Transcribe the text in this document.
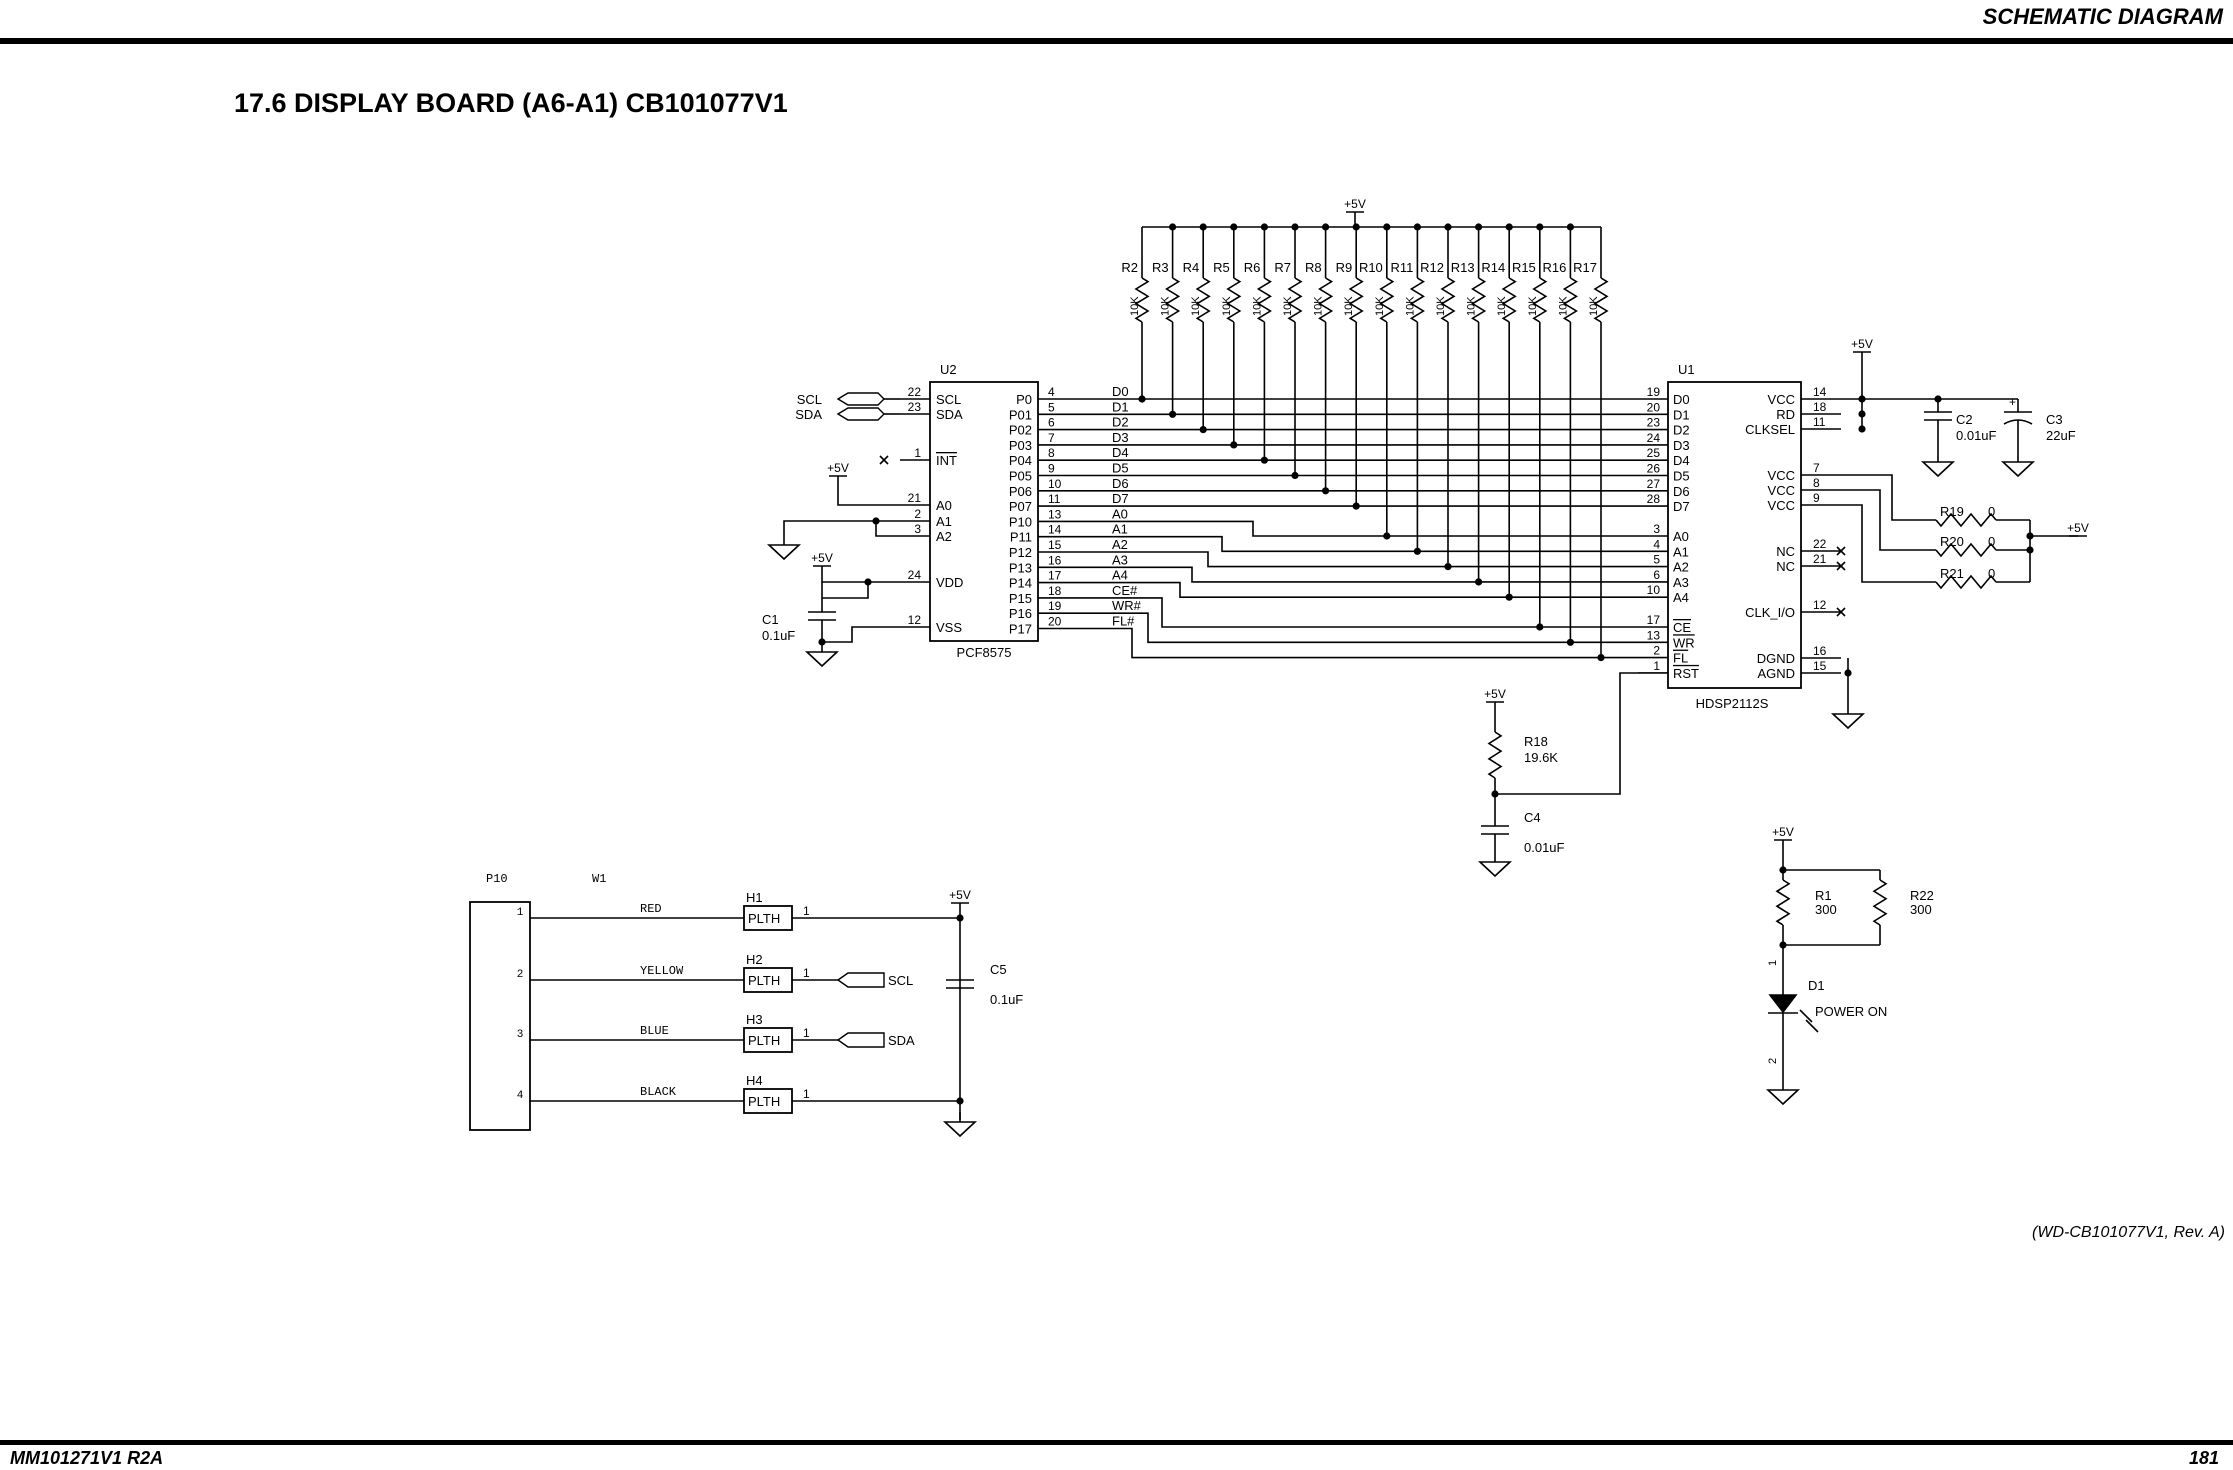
SCHEMATIC DIAGRAM
17.6 DISPLAY BOARD (A6-A1) CB101077V1
U2
PCF8575
22 SCL
23 SDA
1 INT
21 A0
2 A1
3 A2
24 VDD
12 VSS
P0 4	D0
P01 5	D1
P02 6	D2
P03 7	D3
P04 8	D4
P05 9	D5
P06 10	D6
P07 11	D7
P10 13	A0
P11 14	A1
P12 15	A2
P13 16	A3
P14 17	A4
P15 18	CE#
P16 19	WR#
P17 20	FL#
SCL
SDA
+5V
+5V
C1
0.1uF
+5V
R2
10K
R3
10K
R4
10K
R5
10K
R6
10K
R7
10K
R8
10K
R9
10K
R10
10K
R11
10K
R12
10K
R13
10K
R14
10K
R15
10K
R16
10K
R17
10K
U1
HDSP2112S
19 D0
20 D1
23 D2
24 D3
25 D4
26 D5
27 D6
28 D7
3 A0
4 A1
5 A2
6 A3
10 A4
17 CE
13 WR
2 FL
1 RST
VCC 14
RD 18
CLKSEL 11
VCC 7
VCC 8
VCC 9
NC 22
NC 21
CLK_I/O 12
DGND 16
AGND 15
+5V
C2
0.01uF
+
C3
22uF
R19 0
R20 0
R21 0
+5V
+5V
R18
19.6K
C4
0.01uF
+5V
R1
300
R22
300
1
D1
POWER ON
2
P10	W1
1	RED
PLTH
H1
1
2	YELLOW
PLTH
H2
1	SCL
3	BLUE
PLTH
H3
1	SDA
4	BLACK
PLTH
H4
1
+5V
C5
0.1uF
(WD-CB101077V1, Rev. A)
MM101271V1 R2A	181
